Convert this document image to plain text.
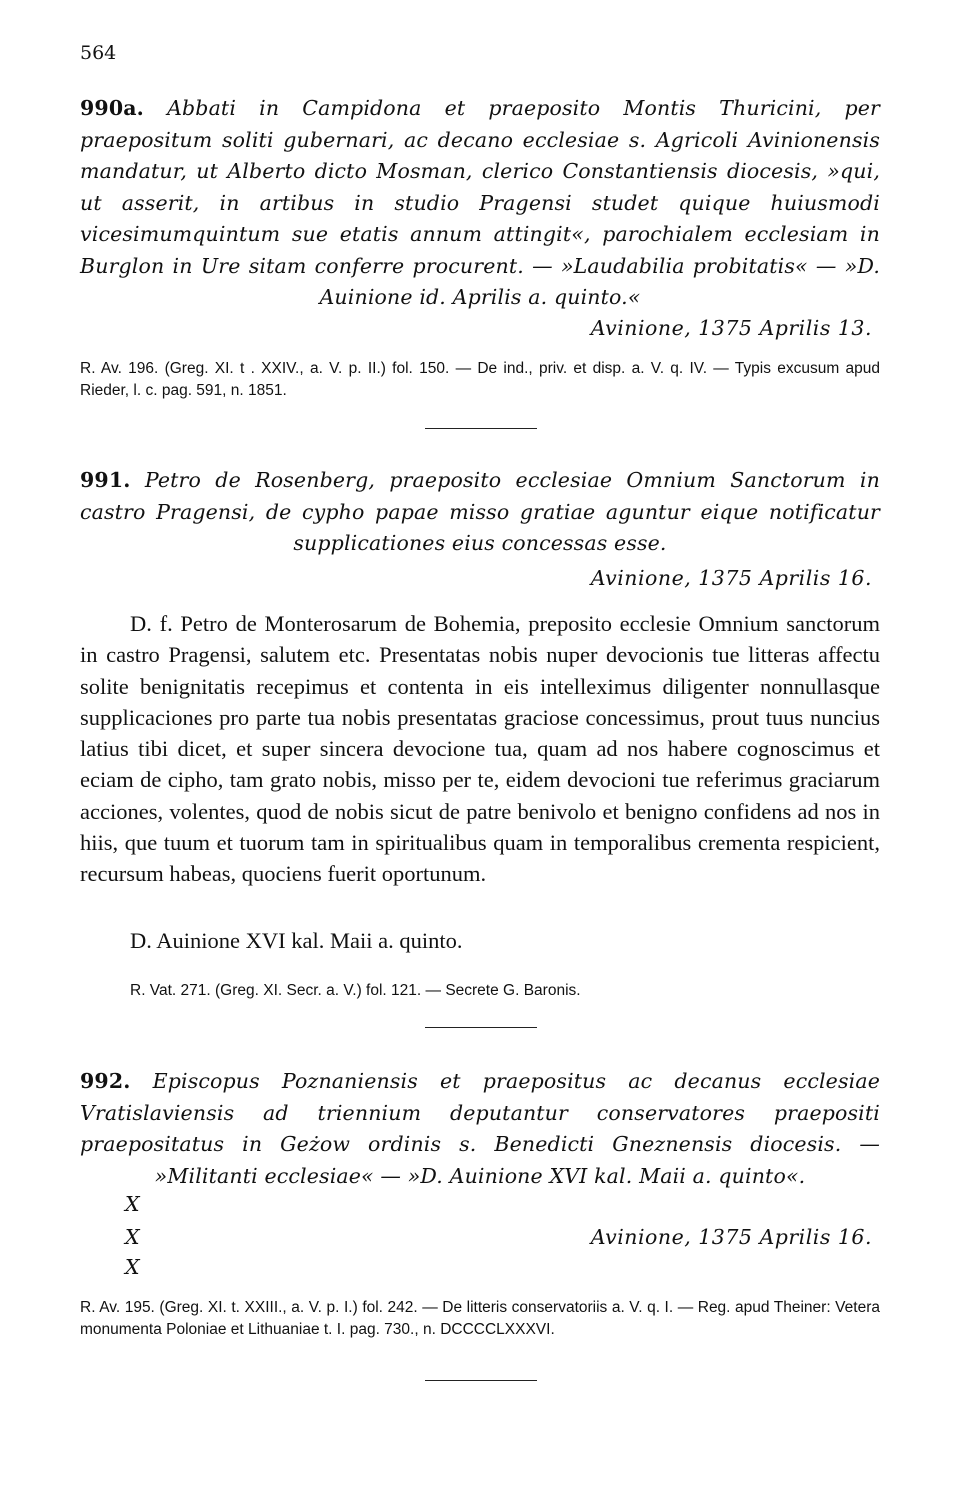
564
990a. Abbati in Campidona et praeposito Montis Thuricini, per praepositum soliti gubernari, ac decano ecclesiae s. Agricoli Avinionensis mandatur, ut Alberto dicto Mosman, clerico Constantiensis diocesis, »qui, ut asserit, in artibus in studio Pragensi studet quique huiusmodi vicesimumquintum sue etatis annum attingit«, parochialem ecclesiam in Burglon in Ure sitam conferre procurent. — »Laudabilia probitatis« — »D. Auinione id. Aprilis a. quinto.«
Avinione, 1375 Aprilis 13.
R. Av. 196. (Greg. XI. t . XXIV., a. V. p. II.) fol. 150. — De ind., priv. et disp. a. V. q. IV. — Typis excusum apud Rieder, l. c. pag. 591, n. 1851.
991. Petro de Rosenberg, praeposito ecclesiae Omnium Sanctorum in castro Pragensi, de cypho papae misso gratiae aguntur eique notificatur supplicationes eius concessas esse.
Avinione, 1375 Aprilis 16.
D. f. Petro de Monterosarum de Bohemia, preposito ecclesie Omnium sanctorum in castro Pragensi, salutem etc. Presentatas nobis nuper devocionis tue litteras affectu solite benignitatis recepimus et contenta in eis intelleximus diligenter nonnullasque supplicaciones pro parte tua nobis presentatas graciose concessimus, prout tuus nuncius latius tibi dicet, et super sincera devocione tua, quam ad nos habere cognoscimus et eciam de cipho, tam grato nobis, misso per te, eidem devocioni tue referimus graciarum acciones, volentes, quod de nobis sicut de patre benivolo et benigno confidens ad nos in hiis, que tuum et tuorum tam in spiritualibus quam in temporalibus crementa respicient, recursum habeas, quociens fuerit oportunum.
D. Auinione XVI kal. Maii a. quinto.
R. Vat. 271. (Greg. XI. Secr. a. V.) fol. 121. — Secrete G. Baronis.
992. Episcopus Poznaniensis et praepositus ac decanus ecclesiae Vratislaviensis ad triennium deputantur conservatores praepositi praepositatus in Geżow ordinis s. Benedicti Gneznensis diocesis. — »Militanti ecclesiae« — »D. Auinione XVI kal. Maii a. quinto«.
X
X
X
Avinione, 1375 Aprilis 16.
R. Av. 195. (Greg. XI. t. XXIII., a. V. p. I.) fol. 242. — De litteris conservatoriis a. V. q. I. — Reg. apud Theiner: Vetera monumenta Poloniae et Lithuaniae t. I. pag. 730., n. DCCCCLXXXVI.
